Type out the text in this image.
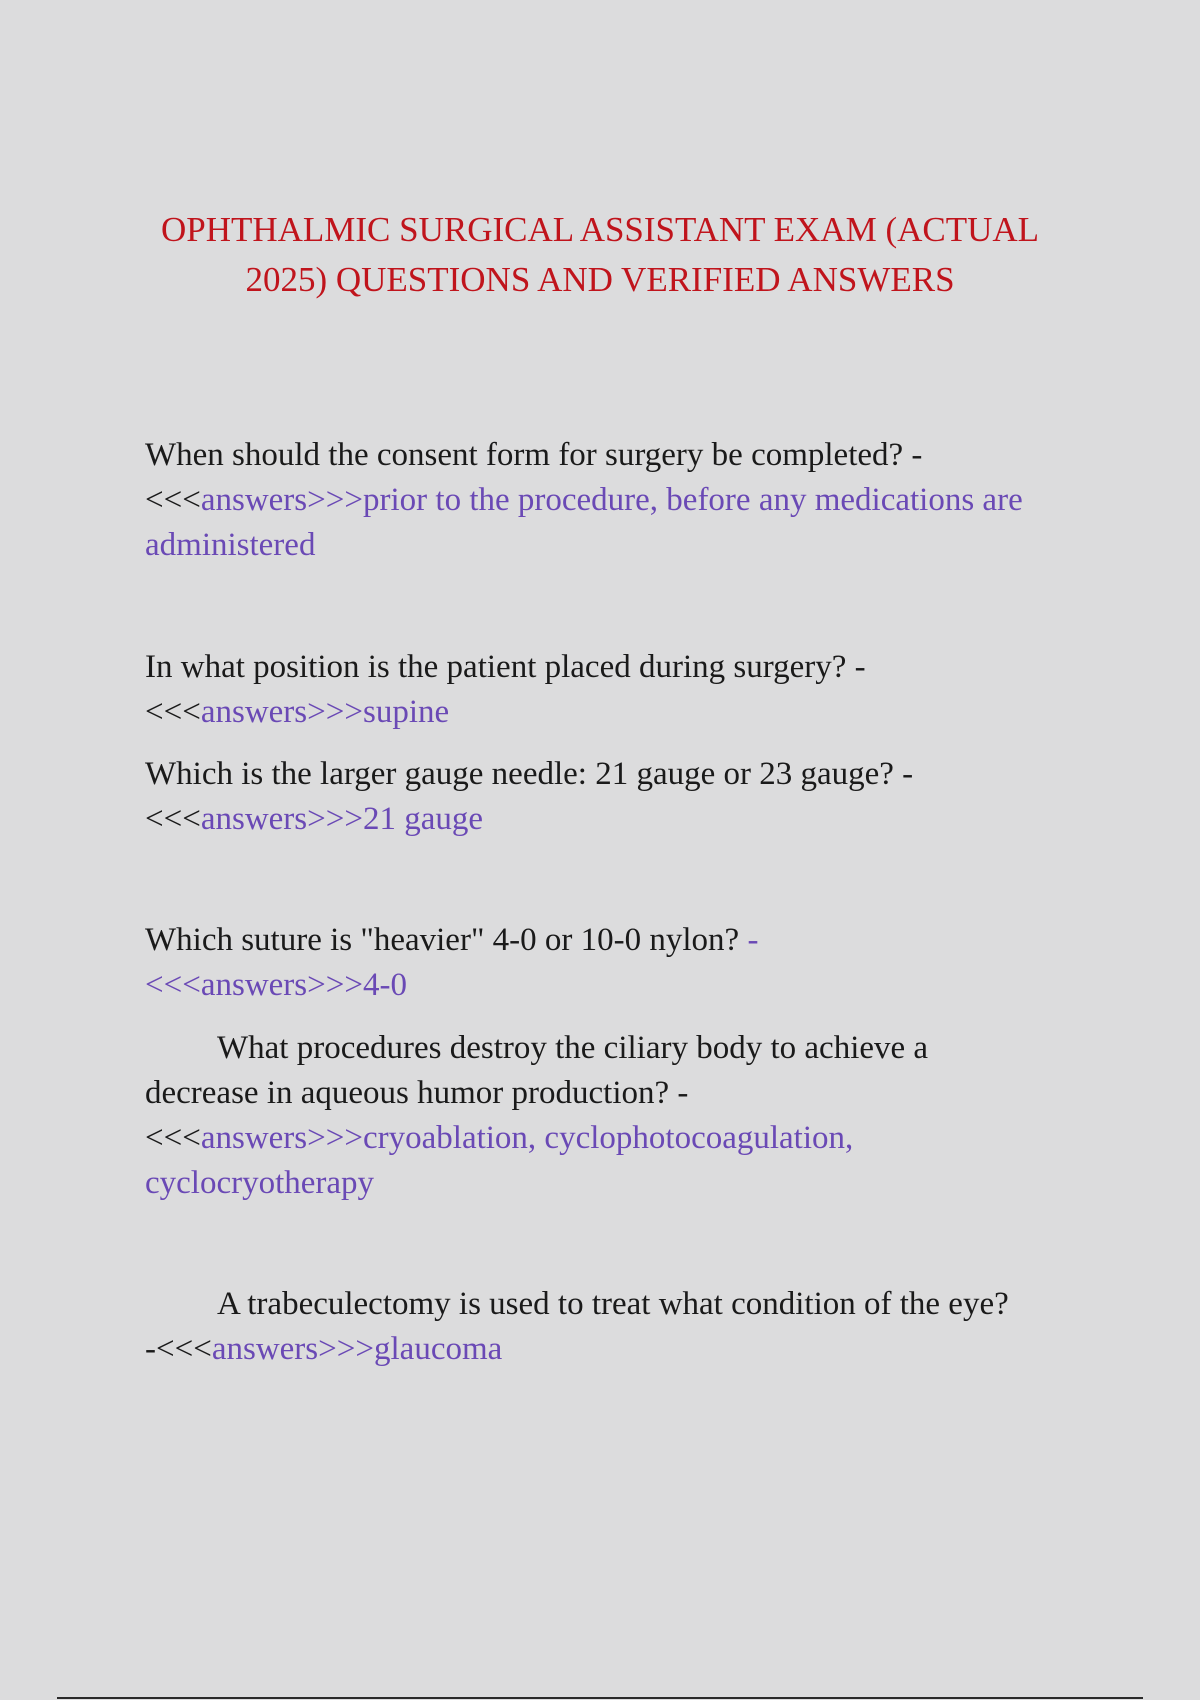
OPHTHALMIC SURGICAL ASSISTANT EXAM (ACTUAL 2025) QUESTIONS AND VERIFIED ANSWERS
When should the consent form for surgery be completed? -
<<<answers>>>prior to the procedure, before any medications are administered
In what position is the patient placed during surgery? -
<<<answers>>>supine
Which is the larger gauge needle: 21 gauge or 23 gauge? -
<<<answers>>>21 gauge
Which suture is "heavier" 4-0 or 10-0 nylon? -
<<<answers>>>4-0
What procedures destroy the ciliary body to achieve a decrease in aqueous humor production? -
<<<answers>>>cryoablation, cyclophotocoagulation, cyclocryotherapy
A trabeculectomy is used to treat what condition of the eye? -<<<answers>>>glaucoma
